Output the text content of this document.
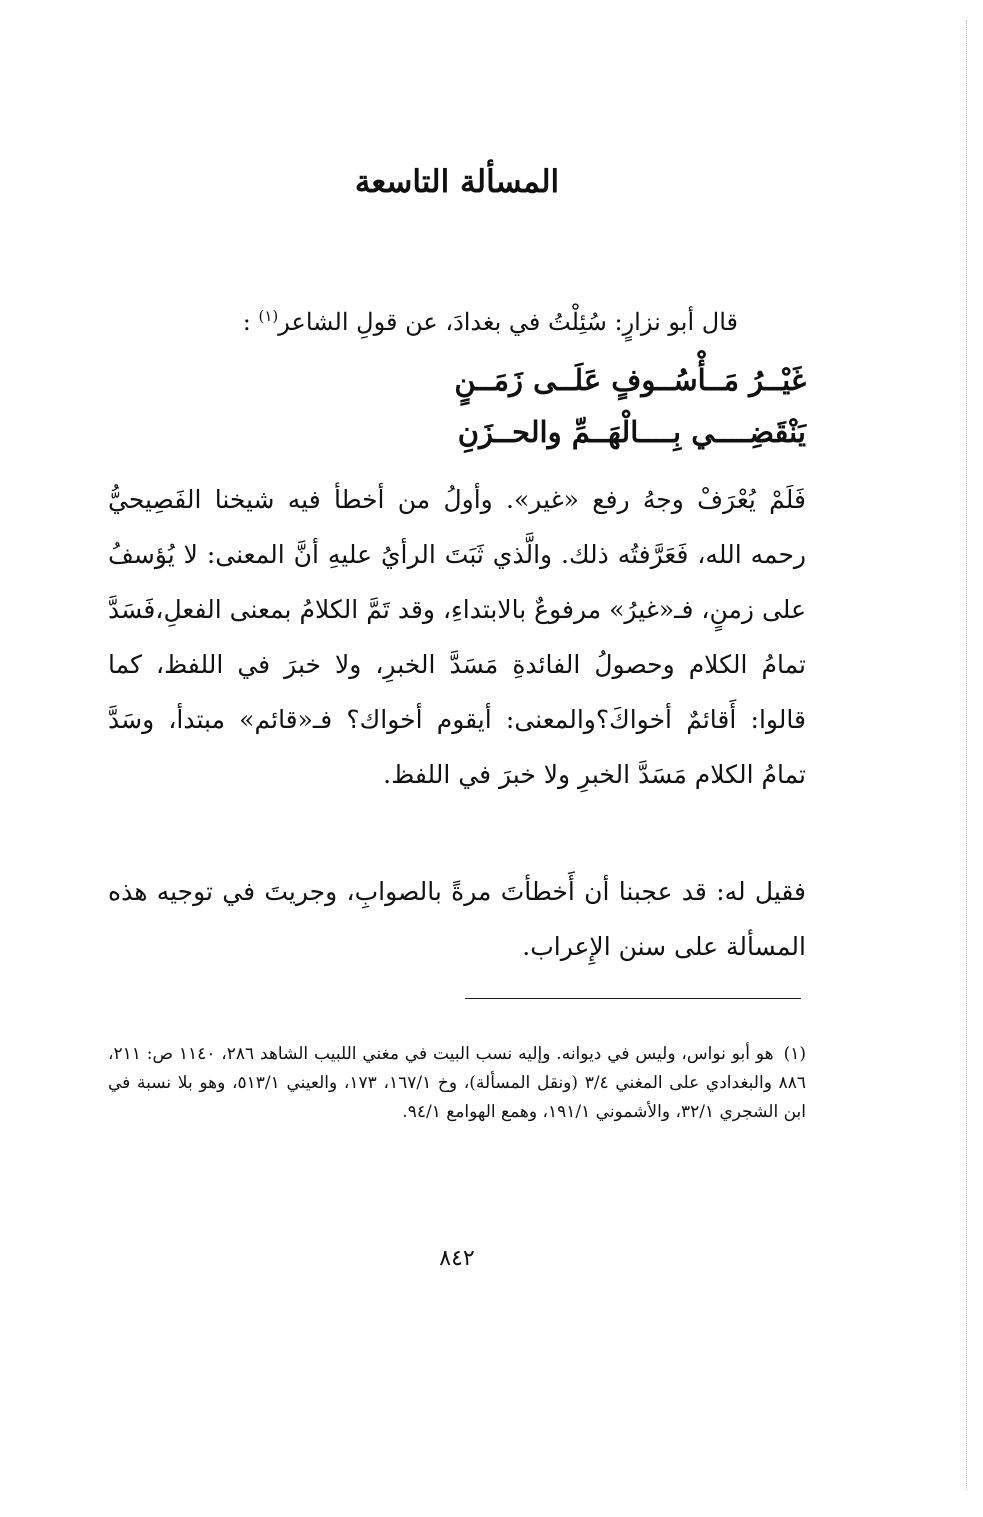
المسألة التاسعة

قال أبو نزارٍ: سُئِلْتُ في بغدادَ، عن قولِ الشاعر$^{(١)}$ :

غَيْــرُ مَــأْسُــوفٍ عَلَــى زَمَــنٍ

يَنْقَضِــــي بِــــالْهَــمِّ والحــزَنِ

فَلَمْ يُعْرَفْ وجهُ رفع «غير». وأولُ من أخطأ فيه شيخنا الفَصِيحيُّ رحمه الله، فَعَرَّفتُه ذلك. والَّذي ثَبَتَ الرأيُ عليهِ أنَّ المعنى: لا يُؤسفُ على زمنٍ، فـ«غيرُ» مرفوعٌ بالابتداءِ، وقد تَمَّ الكلامُ بمعنى الفعلِ،فَسَدَّ تمامُ الكلام وحصولُ الفائدةِ مَسَدَّ الخبرِ، ولا خبرَ في اللفظ، كما قالوا: أَقائمٌ أخواكَ؟والمعنى: أيقوم أخواك؟ فـ«قائم» مبتدأ، وسَدَّ تمامُ الكلام مَسَدَّ الخبرِ ولا خبرَ في اللفظ.

فقيل له: قد عجبنا أن أَخطأتَ مرةً بالصوابِ، وجريتَ في توجيه هذه المسألة على سنن الإِعراب.

(١)هو أبو نواس، وليس في ديوانه. وإليه نسب البيت في مغني اللبيب الشاهد ٢٨٦، ١١٤٠ ص: ٢١١، ٨٨٦ والبغدادي على المغني ٣/٤ (ونقل المسألة)، وخ ١٦٧/١، ١٧٣، والعيني ٥١٣/١، وهو بلا نسبة في ابن الشجري ٣٢/١، والأشموني ١٩١/١، وهمع الهوامع ٩٤/١.

٨٤٢
